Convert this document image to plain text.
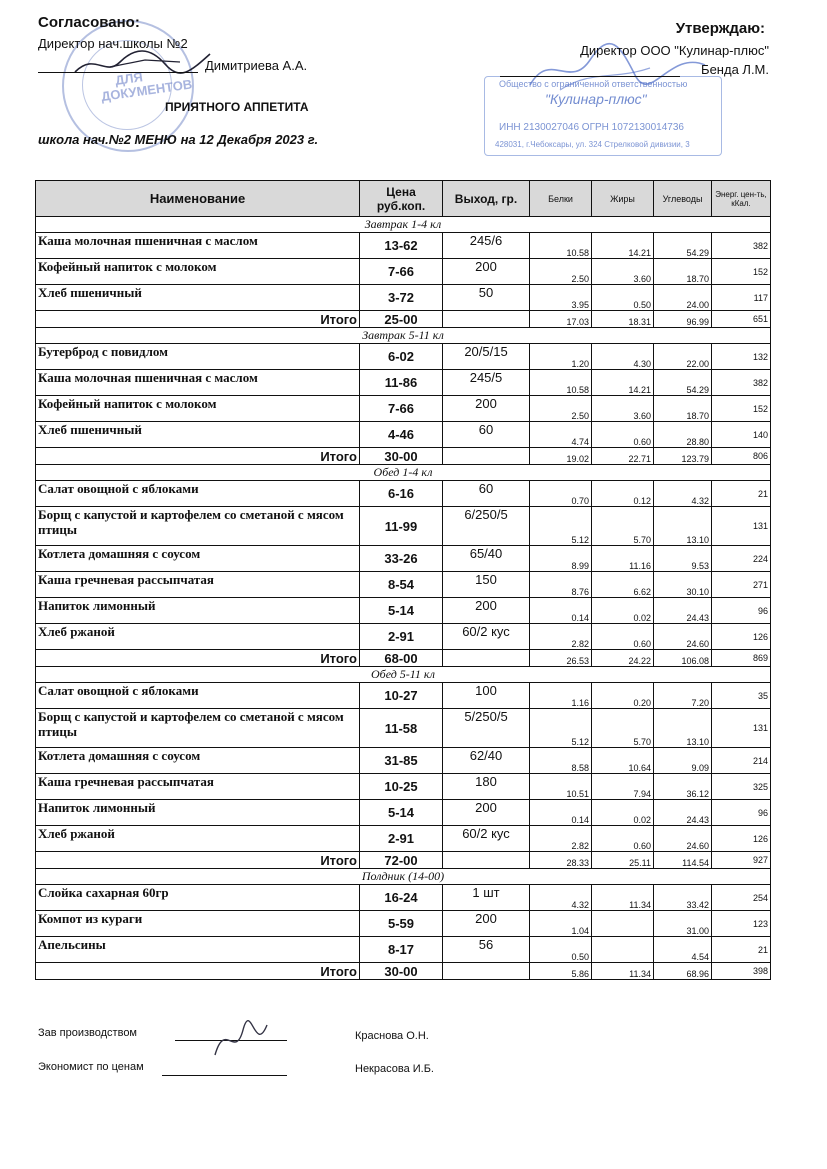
ДЛЯ ДОКУМЕНТОВ	Общество с ограниченной ответственностью
"Кулинар-плюс"
ИНН 2130027046 ОГРН 1072130014736
428031, г.Чебоксары, ул. 324 Стрелковой дивизии, 3
Согласовано:
Директор нач.школы №2
Димитриева А.А.
Утверждаю:
Директор ООО "Кулинар-плюс"
Бенда Л.М.
ПРИЯТНОГО АППЕТИТА
школа нач.№2 МЕНЮ на 12 Декабря 2023 г.
Наименование	Цена руб.коп.	Выход, гр.	Белки	Жиры	Углеводы	Энерг. цен-ть, кКал.
Завтрак 1-4 кл						
Каша молочная пшеничная с маслом	13-62	245/6	10.58	14.21	54.29	382
Кофейный напиток с молоком	7-66	200	2.50	3.60	18.70	152
Хлеб пшеничный	3-72	50	3.95	0.50	24.00	117
Итого	25-00		17.03	18.31	96.99	651
Завтрак 5-11 кл						
Бутерброд с повидлом	6-02	20/5/15	1.20	4.30	22.00	132
Каша молочная пшеничная с маслом	11-86	245/5	10.58	14.21	54.29	382
Кофейный напиток с молоком	7-66	200	2.50	3.60	18.70	152
Хлеб пшеничный	4-46	60	4.74	0.60	28.80	140
Итого	30-00		19.02	22.71	123.79	806
Обед 1-4 кл						
Салат овощной с яблоками	6-16	60	0.70	0.12	4.32	21
Борщ с капустой и картофелем со сметаной с мясом птицы	11-99	6/250/5	5.12	5.70	13.10	131
Котлета домашняя с соусом	33-26	65/40	8.99	11.16	9.53	224
Каша гречневая рассыпчатая	8-54	150	8.76	6.62	30.10	271
Напиток лимонный	5-14	200	0.14	0.02	24.43	96
Хлеб ржаной	2-91	60/2 кус	2.82	0.60	24.60	126
Итого	68-00		26.53	24.22	106.08	869
Обед 5-11 кл						
Салат овощной с яблоками	10-27	100	1.16	0.20	7.20	35
Борщ с капустой и картофелем со сметаной с мясом птицы	11-58	5/250/5	5.12	5.70	13.10	131
Котлета домашняя с соусом	31-85	62/40	8.58	10.64	9.09	214
Каша гречневая рассыпчатая	10-25	180	10.51	7.94	36.12	325
Напиток лимонный	5-14	200	0.14	0.02	24.43	96
Хлеб ржаной	2-91	60/2 кус	2.82	0.60	24.60	126
Итого	72-00		28.33	25.11	114.54	927
Полдник (14-00)						
Слойка сахарная 60гр	16-24	1 шт	4.32	11.34	33.42	254
Компот из кураги	5-59	200	1.04		31.00	123
Апельсины	8-17	56	0.50		4.54	21
Итого	30-00		5.86	11.34	68.96	398
Зав производством	Краснова О.Н.
Экономист по ценам	Некрасова И.Б.
